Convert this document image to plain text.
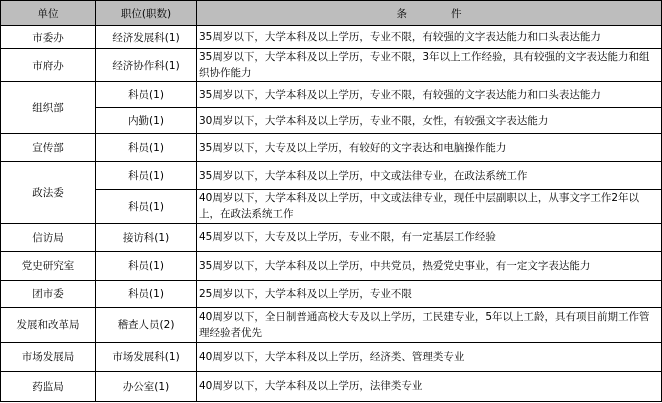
单位	职位(职数)	条 件
市委办	经济发展科(1)	35周岁以下，大学本科及以上学历，专业不限，有较强的文字表达能力和口头表达能力
市府办	经济协作科(1)	35周岁以下，大学本科及以上学历，专业不限，3年以上工作经验，具有较强的文字表达能力和组织协作能力
组织部	科员(1)	35周岁以下，大学本科及以上学历，专业不限，有较强的文字表达能力和口头表达能力
	内勤(1)	30周岁以下，大学本科及以上学历，专业不限，女性，有较强文字表达能力
宣传部	科员(1)	35周岁以下，大专及以上学历，有较好的文字表达和电脑操作能力
政法委	科员(1)	35周岁以下，大学本科及以上学历，中文或法律专业，在政法系统工作
	科员(1)	40周岁以下，大学本科及以上学历，中文或法律专业，现任中层副职以上，从事文字工作2年以上，在政法系统工作
信访局	接访科(1)	45周岁以下，大专及以上学历，专业不限，有一定基层工作经验
党史研究室	科员(1)	35周岁以下，大学本科及以上学历，中共党员，热爱党史事业，有一定文字表达能力
团市委	科员(1)	25周岁以下，大学本科及以上学历，专业不限
发展和改革局	稽查人员(2)	40周岁以下，全日制普通高校大专及以上学历，工民建专业，5年以上工龄，具有项目前期工作管理经验者优先
市场发展局	市场发展科(1)	40周岁以下，大学本科及以上学历，经济类、管理类专业
药监局	办公室(1)	40周岁以下，大学本科及以上学历，法律类专业
